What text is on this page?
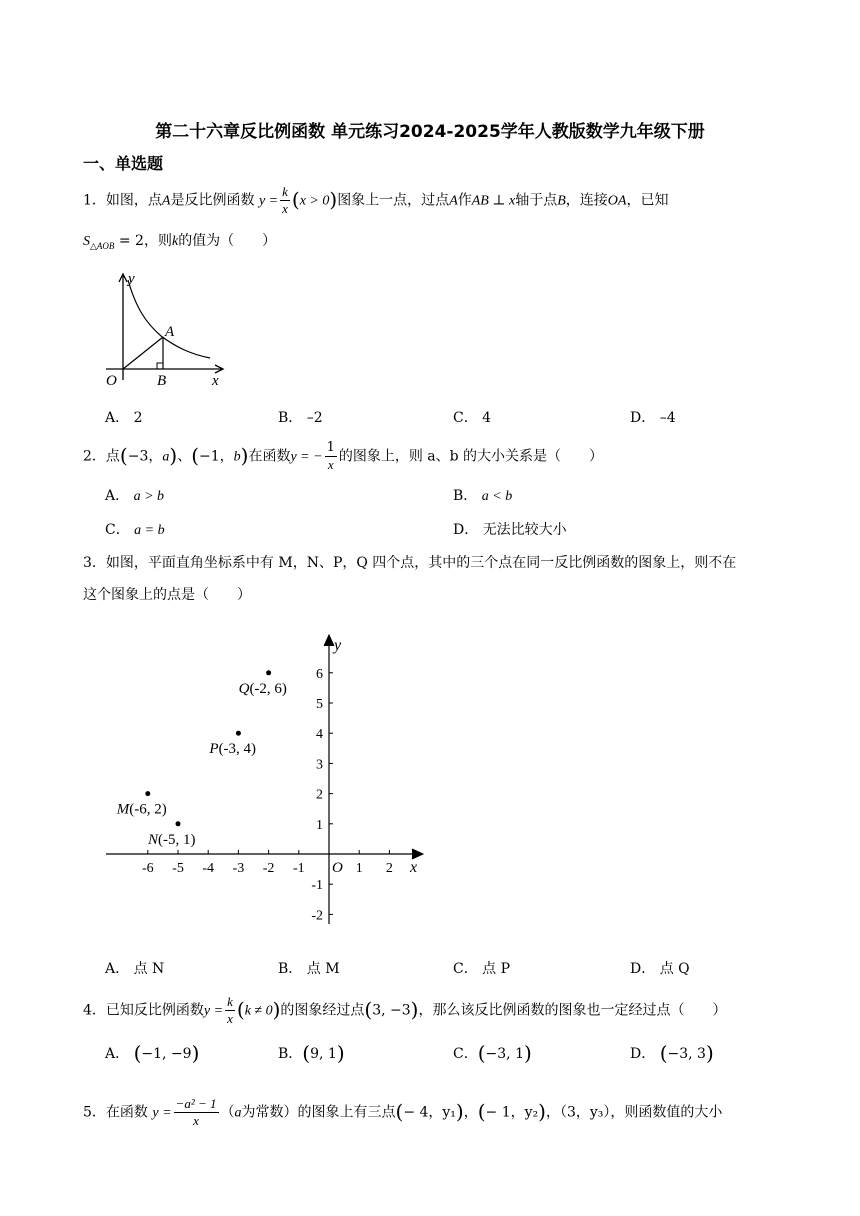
第二十六章反比例函数 单元练习2024-2025学年人教版数学九年级下册
一、单选题
1．如图，点A是反比例函数 $y = \frac{k}{x} (x > 0)$图象上一点，过点A作AB ⊥ x轴于点B，连接OA，已知
$S_{\triangle AOB} = 2$，则k的值为（　　）
y
A
O	B	x
A． 2	B． –2	C． 4	D． –4
2．点(−3，a)、(−1，b)在函数y = − $\frac{1}{x}$ 的图象上，则 a、b 的大小关系是（　　）
A． a > b	B． a < b
C． a = b	D． 无法比较大小
3．如图，平面直角坐标系中有 M，N、P，Q 四个点，其中的三个点在同一反比例函数的图象上，则不在
这个图象上的点是（　　）
x
y
O
-6 -5 -4 -3 -2 -1	1 2
6
5
4
3
2
1
-1
-2
Q(-2, 6)
P(-3, 4)
M(-6, 2)
N(-5, 1)
A． 点 N	B． 点 M	C． 点 P	D． 点 Q
4．已知反比例函数$y = \frac{k}{x} (k \ne 0)$的图象经过点(3, −3)，那么该反比例函数的图象也一定经过点（　　）
A． (−1, −9)	B．(9, 1)	C．(−3, 1)	D． (−3, 3)
5．在函数 $y = \frac{\text{−a² − 1}}{x} (a$为常数）的图象上有三点(− 4，y₁)，(− 1，y₂)，（3，y₃），则函数值的大小
